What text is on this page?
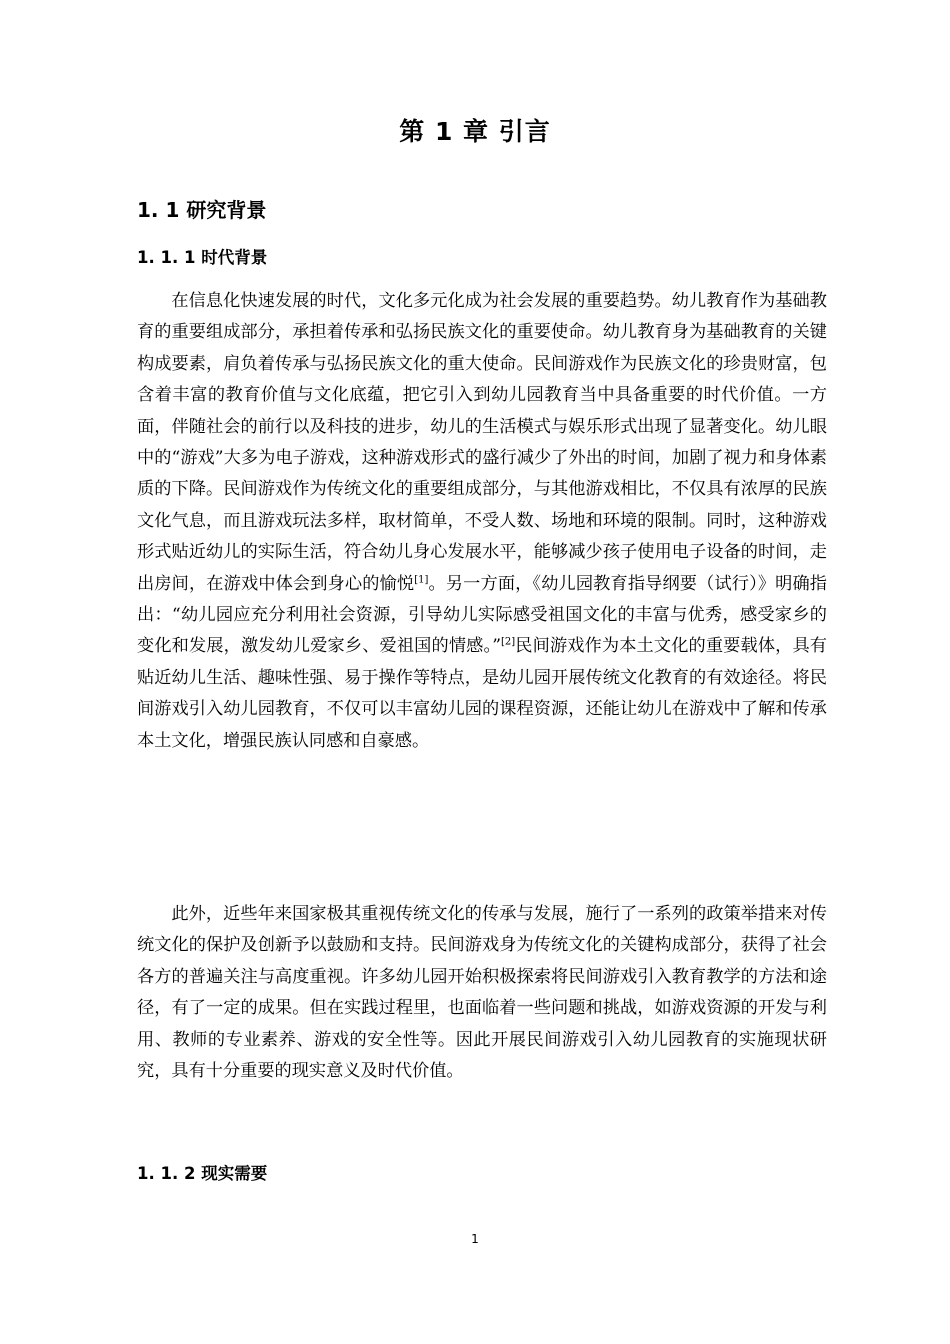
第 1 章 引言
1. 1 研究背景
1. 1. 1 时代背景

在信息化快速发展的时代，文化多元化成为社会发展的重要趋势。幼儿教育作为基础教育的重要组成部分，承担着传承和弘扬民族文化的重要使命。幼儿教育身为基础教育的关键构成要素，肩负着传承与弘扬民族文化的重大使命。民间游戏作为民族文化的珍贵财富，包含着丰富的教育价值与文化底蕴，把它引入到幼儿园教育当中具备重要的时代价值。一方面，伴随社会的前行以及科技的进步，幼儿的生活模式与娱乐形式出现了显著变化。幼儿眼中的“游戏”大多为电子游戏，这种游戏形式的盛行减少了外出的时间，加剧了视力和身体素质的下降。民间游戏作为传统文化的重要组成部分，与其他游戏相比，不仅具有浓厚的民族文化气息，而且游戏玩法多样，取材简单，不受人数、场地和环境的限制。同时，这种游戏形式贴近幼儿的实际生活，符合幼儿身心发展水平，能够减少孩子使用电子设备的时间，走出房间，在游戏中体会到身心的愉悦[1]。另一方面，《幼儿园教育指导纲要（试行）》明确指出：“幼儿园应充分利用社会资源，引导幼儿实际感受祖国文化的丰富与优秀，感受家乡的变化和发展，激发幼儿爱家乡、爱祖国的情感。”[2]民间游戏作为本土文化的重要载体，具有贴近幼儿生活、趣味性强、易于操作等特点，是幼儿园开展传统文化教育的有效途径。将民间游戏引入幼儿园教育，不仅可以丰富幼儿园的课程资源，还能让幼儿在游戏中了解和传承本土文化，增强民族认同感和自豪感。

此外，近些年来国家极其重视传统文化的传承与发展，施行了一系列的政策举措来对传统文化的保护及创新予以鼓励和支持。民间游戏身为传统文化的关键构成部分，获得了社会各方的普遍关注与高度重视。许多幼儿园开始积极探索将民间游戏引入教育教学的方法和途径，有了一定的成果。但在实践过程里，也面临着一些问题和挑战，如游戏资源的开发与利用、教师的专业素养、游戏的安全性等。因此开展民间游戏引入幼儿园教育的实施现状研究，具有十分重要的现实意义及时代价值。

1. 1. 2 现实需要
1
